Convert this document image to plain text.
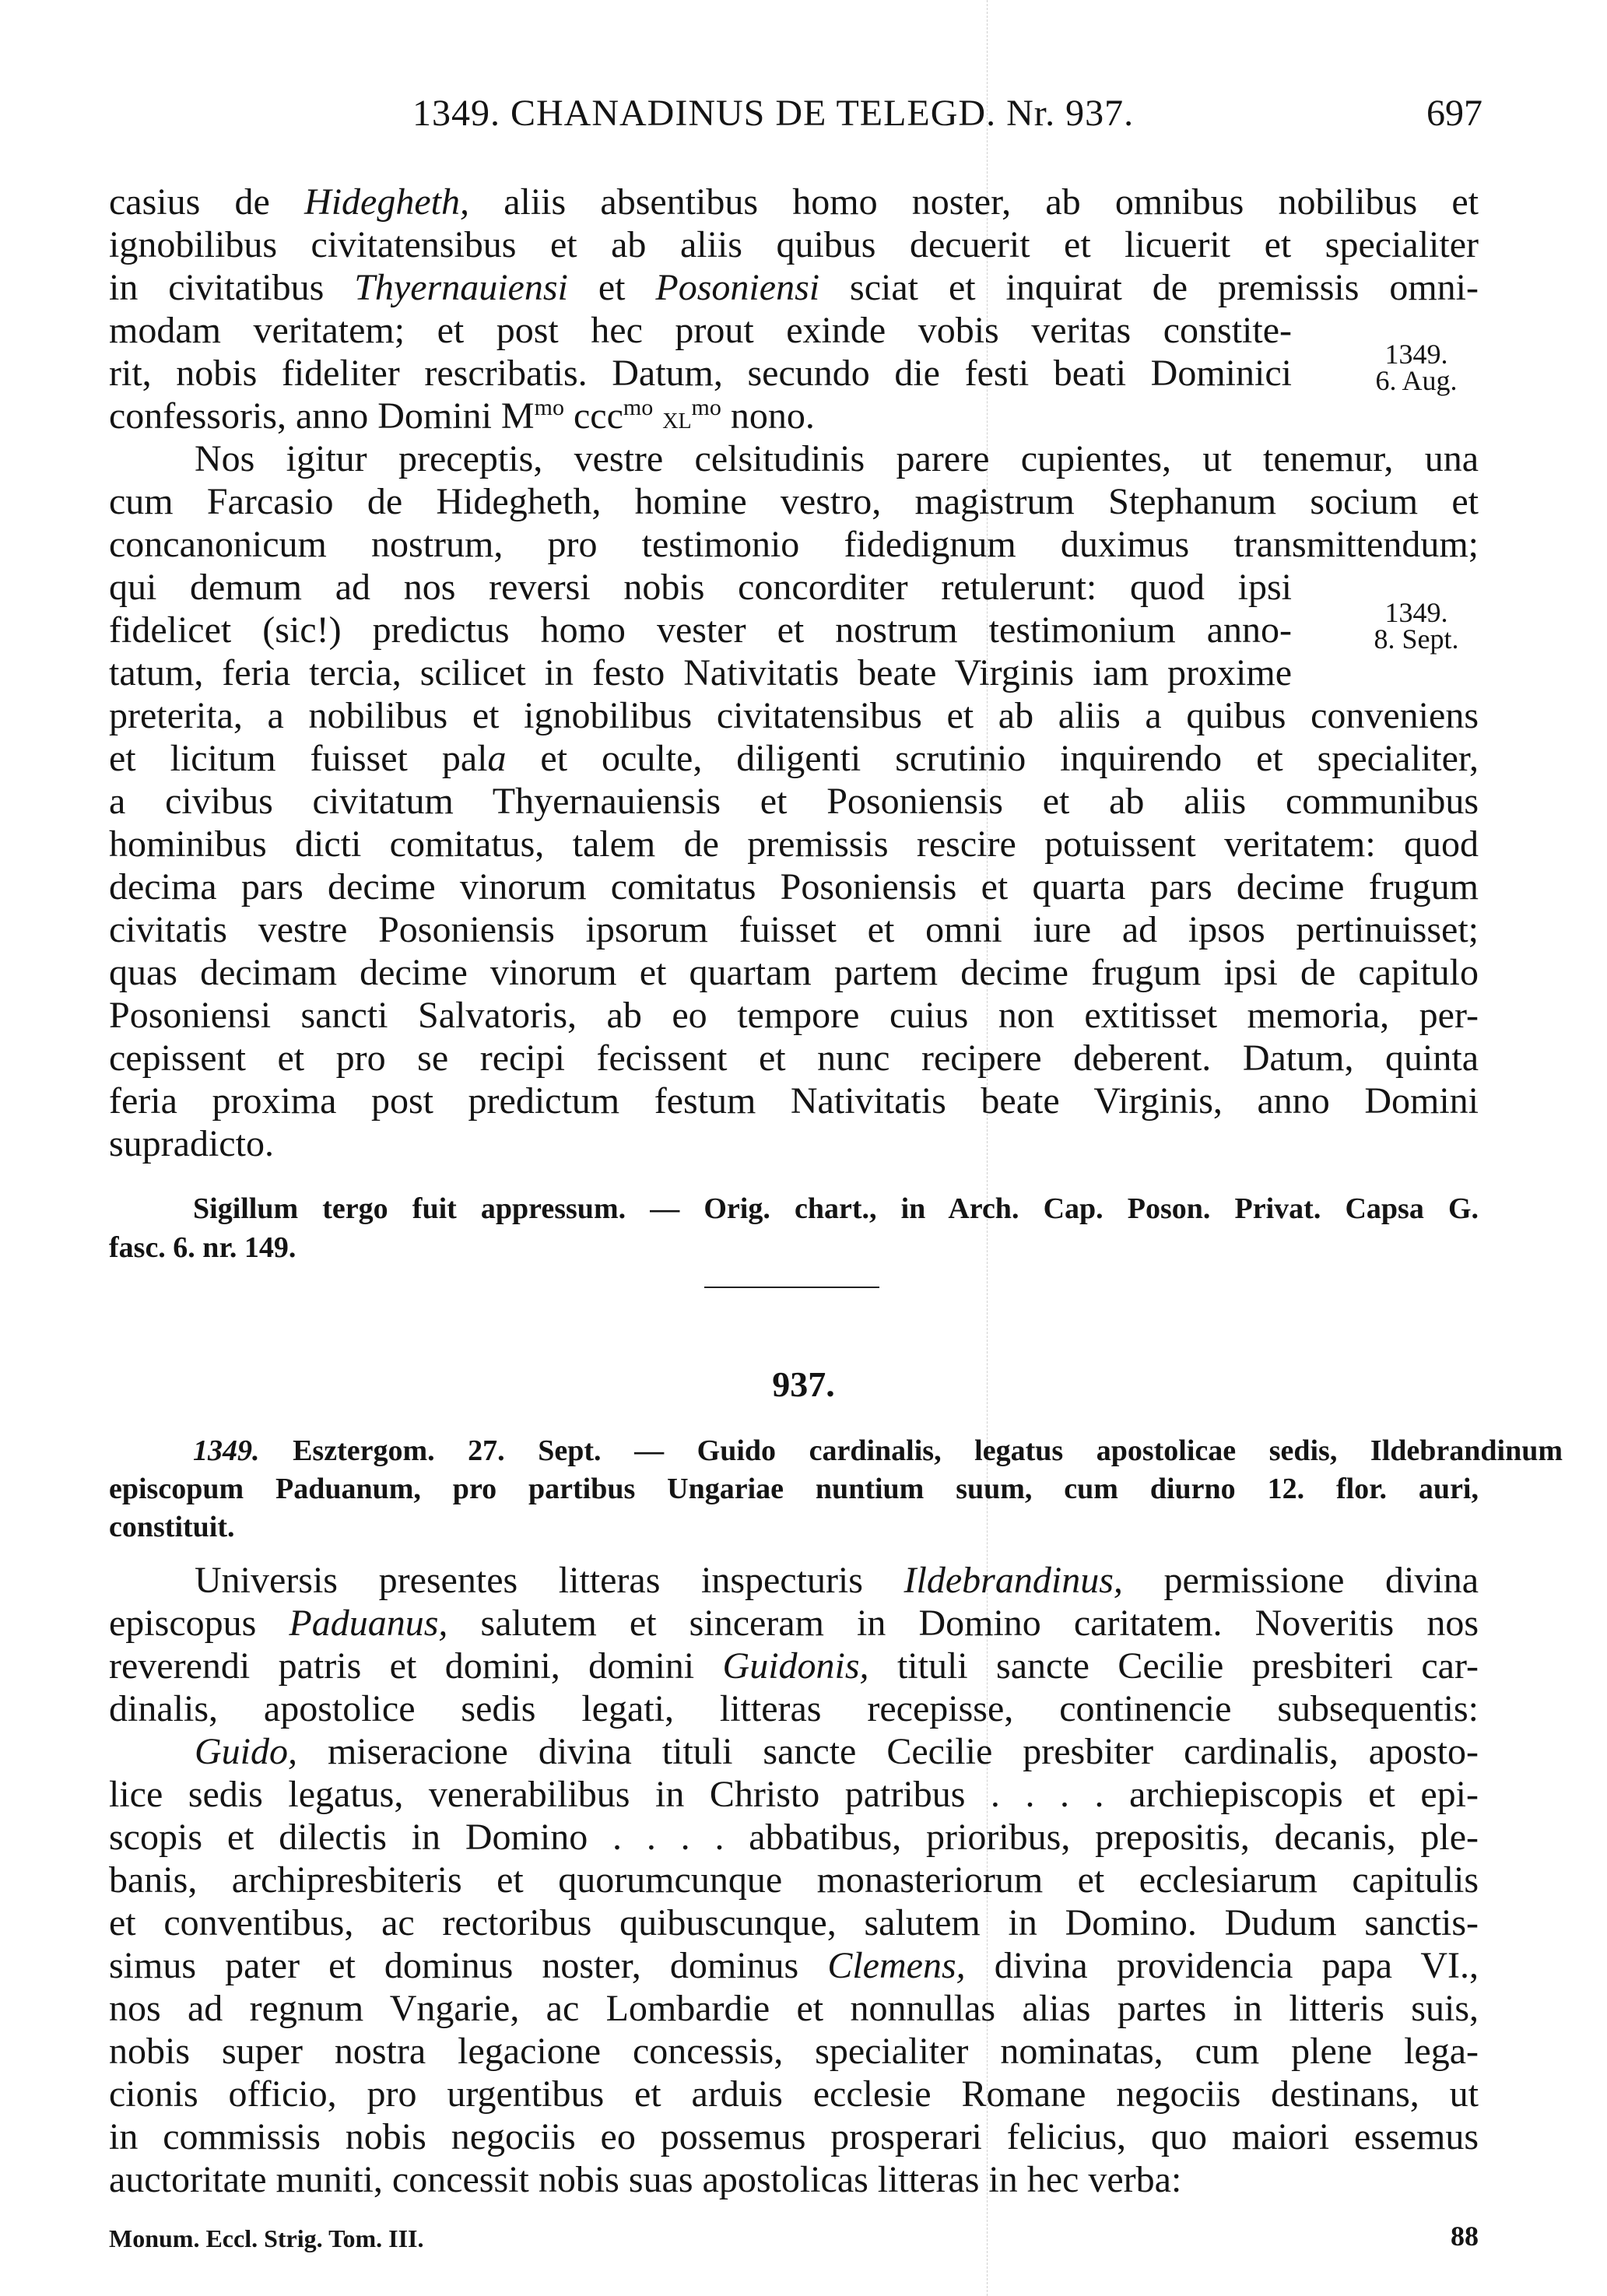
1349. CHANADINUS DE TELEGD. Nr. 937.	697
casius de Hidegheth, aliis absentibus homo noster, ab omnibus nobilibus et
ignobilibus civitatensibus et ab aliis quibus decuerit et licuerit et specialiter
in civitatibus Thyernauiensi et Posoniensi sciat et inquirat de premissis omni-
modam veritatem; et post hec prout exinde vobis veritas constite-
rit, nobis fideliter rescribatis. Datum, secundo die festi beati Dominici
confessoris, anno Domini $M^{mo}$ ccc$^{mo}$ $xl^{mo}$ nono.
Nos igitur preceptis, vestre celsitudinis parere cupientes, ut tenemur, una
cum Farcasio de Hidegheth, homine vestro, magistrum Stephanum socium et
concanonicum nostrum, pro testimonio fidedignum duximus transmittendum;
qui demum ad nos reversi nobis concorditer retulerunt: quod ipsi
fidelicet (sic!) predictus homo vester et nostrum testimonium anno-
tatum, feria tercia, scilicet in festo Nativitatis beate Virginis iam proxime
preterita, a nobilibus et ignobilibus civitatensibus et ab aliis a quibus conveniens
et licitum fuisset pala et oculte, diligenti scrutinio inquirendo et specialiter,
a civibus civitatum Thyernauiensis et Posoniensis et ab aliis communibus
hominibus dicti comitatus, talem de premissis rescire potuissent veritatem: quod
decima pars decime vinorum comitatus Posoniensis et quarta pars decime frugum
civitatis vestre Posoniensis ipsorum fuisset et omni iure ad ipsos pertinuisset;
quas decimam decime vinorum et quartam partem decime frugum ipsi de capitulo
Posoniensi sancti Salvatoris, ab eo tempore cuius non extitisset memoria, per-
cepissent et pro se recipi fecissent et nunc recipere deberent. Datum, quinta
feria proxima post predictum festum Nativitatis beate Virginis, anno Domini
supradicto.
1349.
6. Aug.
1349.
8. Sept.
Sigillum tergo fuit appressum. — Orig. chart., in Arch. Cap. Poson. Privat. Capsa G.
fasc. 6. nr. 149.
937.
1349. Esztergom. 27. Sept. — Guido cardinalis, legatus apostolicae sedis, Ildebrandinum
episcopum Paduanum, pro partibus Ungariae nuntium suum, cum diurno 12. flor. auri,
constituit.
Universis presentes litteras inspecturis Ildebrandinus, permissione divina
episcopus Paduanus, salutem et sinceram in Domino caritatem. Noveritis nos
reverendi patris et domini, domini Guidonis, tituli sancte Cecilie presbiteri car-
dinalis, apostolice sedis legati, litteras recepisse, continencie subsequentis:
Guido, miseracione divina tituli sancte Cecilie presbiter cardinalis, aposto-
lice sedis legatus, venerabilibus in Christo patribus . . . . archiepiscopis et epi-
scopis et dilectis in Domino . . . . abbatibus, prioribus, prepositis, decanis, ple-
banis, archipresbiteris et quorumcunque monasteriorum et ecclesiarum capitulis
et conventibus, ac rectoribus quibuscunque, salutem in Domino. Dudum sanctis-
simus pater et dominus noster, dominus Clemens, divina providencia papa VI.,
nos ad regnum Vngarie, ac Lombardie et nonnullas alias partes in litteris suis,
nobis super nostra legacione concessis, specialiter nominatas, cum plene lega-
cionis officio, pro urgentibus et arduis ecclesie Romane negociis destinans, ut
in commissis nobis negociis eo possemus prosperari felicius, quo maiori essemus
auctoritate muniti, concessit nobis suas apostolicas litteras in hec verba:
Monum. Eccl. Strig. Tom. III.	88
